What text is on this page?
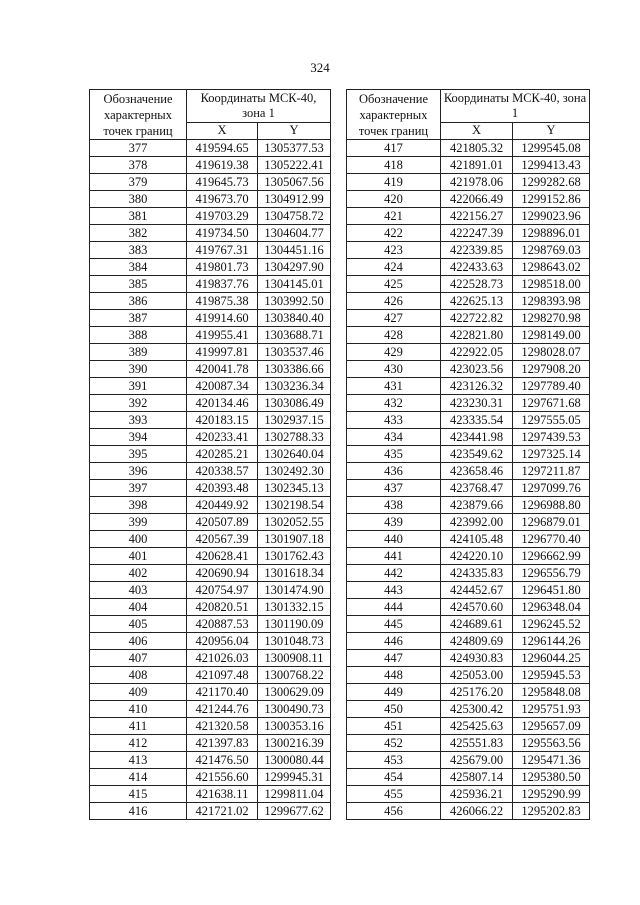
324
Обозначение характерных точек границ	Координаты МСК-40, зона 1	
	X	Y
377	419594.65	1305377.53
378	419619.38	1305222.41
379	419645.73	1305067.56
380	419673.70	1304912.99
381	419703.29	1304758.72
382	419734.50	1304604.77
383	419767.31	1304451.16
384	419801.73	1304297.90
385	419837.76	1304145.01
386	419875.38	1303992.50
387	419914.60	1303840.40
388	419955.41	1303688.71
389	419997.81	1303537.46
390	420041.78	1303386.66
391	420087.34	1303236.34
392	420134.46	1303086.49
393	420183.15	1302937.15
394	420233.41	1302788.33
395	420285.21	1302640.04
396	420338.57	1302492.30
397	420393.48	1302345.13
398	420449.92	1302198.54
399	420507.89	1302052.55
400	420567.39	1301907.18
401	420628.41	1301762.43
402	420690.94	1301618.34
403	420754.97	1301474.90
404	420820.51	1301332.15
405	420887.53	1301190.09
406	420956.04	1301048.73
407	421026.03	1300908.11
408	421097.48	1300768.22
409	421170.40	1300629.09
410	421244.76	1300490.73
411	421320.58	1300353.16
412	421397.83	1300216.39
413	421476.50	1300080.44
414	421556.60	1299945.31
415	421638.11	1299811.04
416	421721.02	1299677.62
Обозначение характерных точек границ	Координаты МСК-40, зона 1	
	X	Y
417	421805.32	1299545.08
418	421891.01	1299413.43
419	421978.06	1299282.68
420	422066.49	1299152.86
421	422156.27	1299023.96
422	422247.39	1298896.01
423	422339.85	1298769.03
424	422433.63	1298643.02
425	422528.73	1298518.00
426	422625.13	1298393.98
427	422722.82	1298270.98
428	422821.80	1298149.00
429	422922.05	1298028.07
430	423023.56	1297908.20
431	423126.32	1297789.40
432	423230.31	1297671.68
433	423335.54	1297555.05
434	423441.98	1297439.53
435	423549.62	1297325.14
436	423658.46	1297211.87
437	423768.47	1297099.76
438	423879.66	1296988.80
439	423992.00	1296879.01
440	424105.48	1296770.40
441	424220.10	1296662.99
442	424335.83	1296556.79
443	424452.67	1296451.80
444	424570.60	1296348.04
445	424689.61	1296245.52
446	424809.69	1296144.26
447	424930.83	1296044.25
448	425053.00	1295945.53
449	425176.20	1295848.08
450	425300.42	1295751.93
451	425425.63	1295657.09
452	425551.83	1295563.56
453	425679.00	1295471.36
454	425807.14	1295380.50
455	425936.21	1295290.99
456	426066.22	1295202.83
